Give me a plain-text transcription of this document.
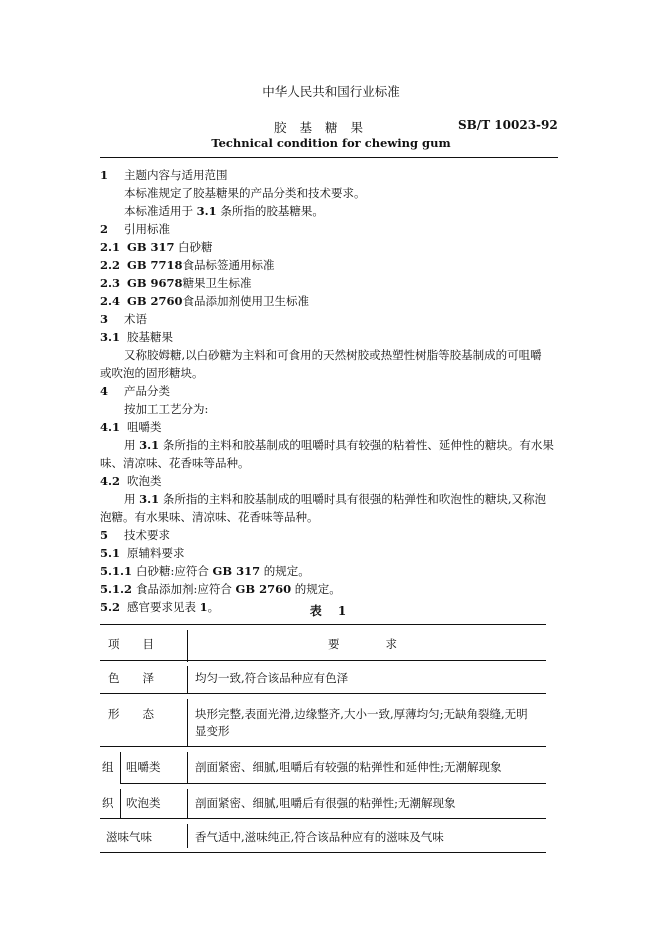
中华人民共和国行业标准
胶基糖果	SB/T 10023-92
Technical condition for chewing gum
1 主题内容与适用范围
本标准规定了胶基糖果的产品分类和技术要求。
本标准适用于 3.1 条所指的胶基糖果。
2 引用标准
2.1 GB 317 白砂糖
2.2 GB 7718食品标签通用标准
2.3 GB 9678糖果卫生标准
2.4 GB 2760食品添加剂使用卫生标准
3 术语
3.1 胶基糖果
又称胶姆糖,以白砂糖为主料和可食用的天然树胶或热塑性树脂等胶基制成的可咀嚼
或吹泡的固形糖块。
4 产品分类
按加工工艺分为:
4.1 咀嚼类
用 3.1 条所指的主料和胶基制成的咀嚼时具有较强的粘着性、延伸性的糖块。有水果
味、清凉味、花香味等品种。
4.2 吹泡类
用 3.1 条所指的主料和胶基制成的咀嚼时具有很强的粘弹性和吹泡性的糖块,又称泡
泡糖。有水果味、清凉味、花香味等品种。
5 技术要求
5.1 原辅料要求
5.1.1 白砂糖:应符合 GB 317 的规定。
5.1.2 食品添加剂:应符合 GB 2760 的规定。
5.2 感官要求见表 1。	表 1
项　　目	要　　　　求
色　　泽	均匀一致,符合该品种应有色泽
形　　态	块形完整,表面光滑,边缘整齐,大小一致,厚薄均匀;无缺角裂缝,无明
显变形
组 咀嚼类	剖面紧密、细腻,咀嚼后有较强的粘弹性和延伸性;无潮解现象
织 吹泡类	剖面紧密、细腻,咀嚼后有很强的粘弹性;无潮解现象
滋味气味	香气适中,滋味纯正,符合该品种应有的滋味及气味
